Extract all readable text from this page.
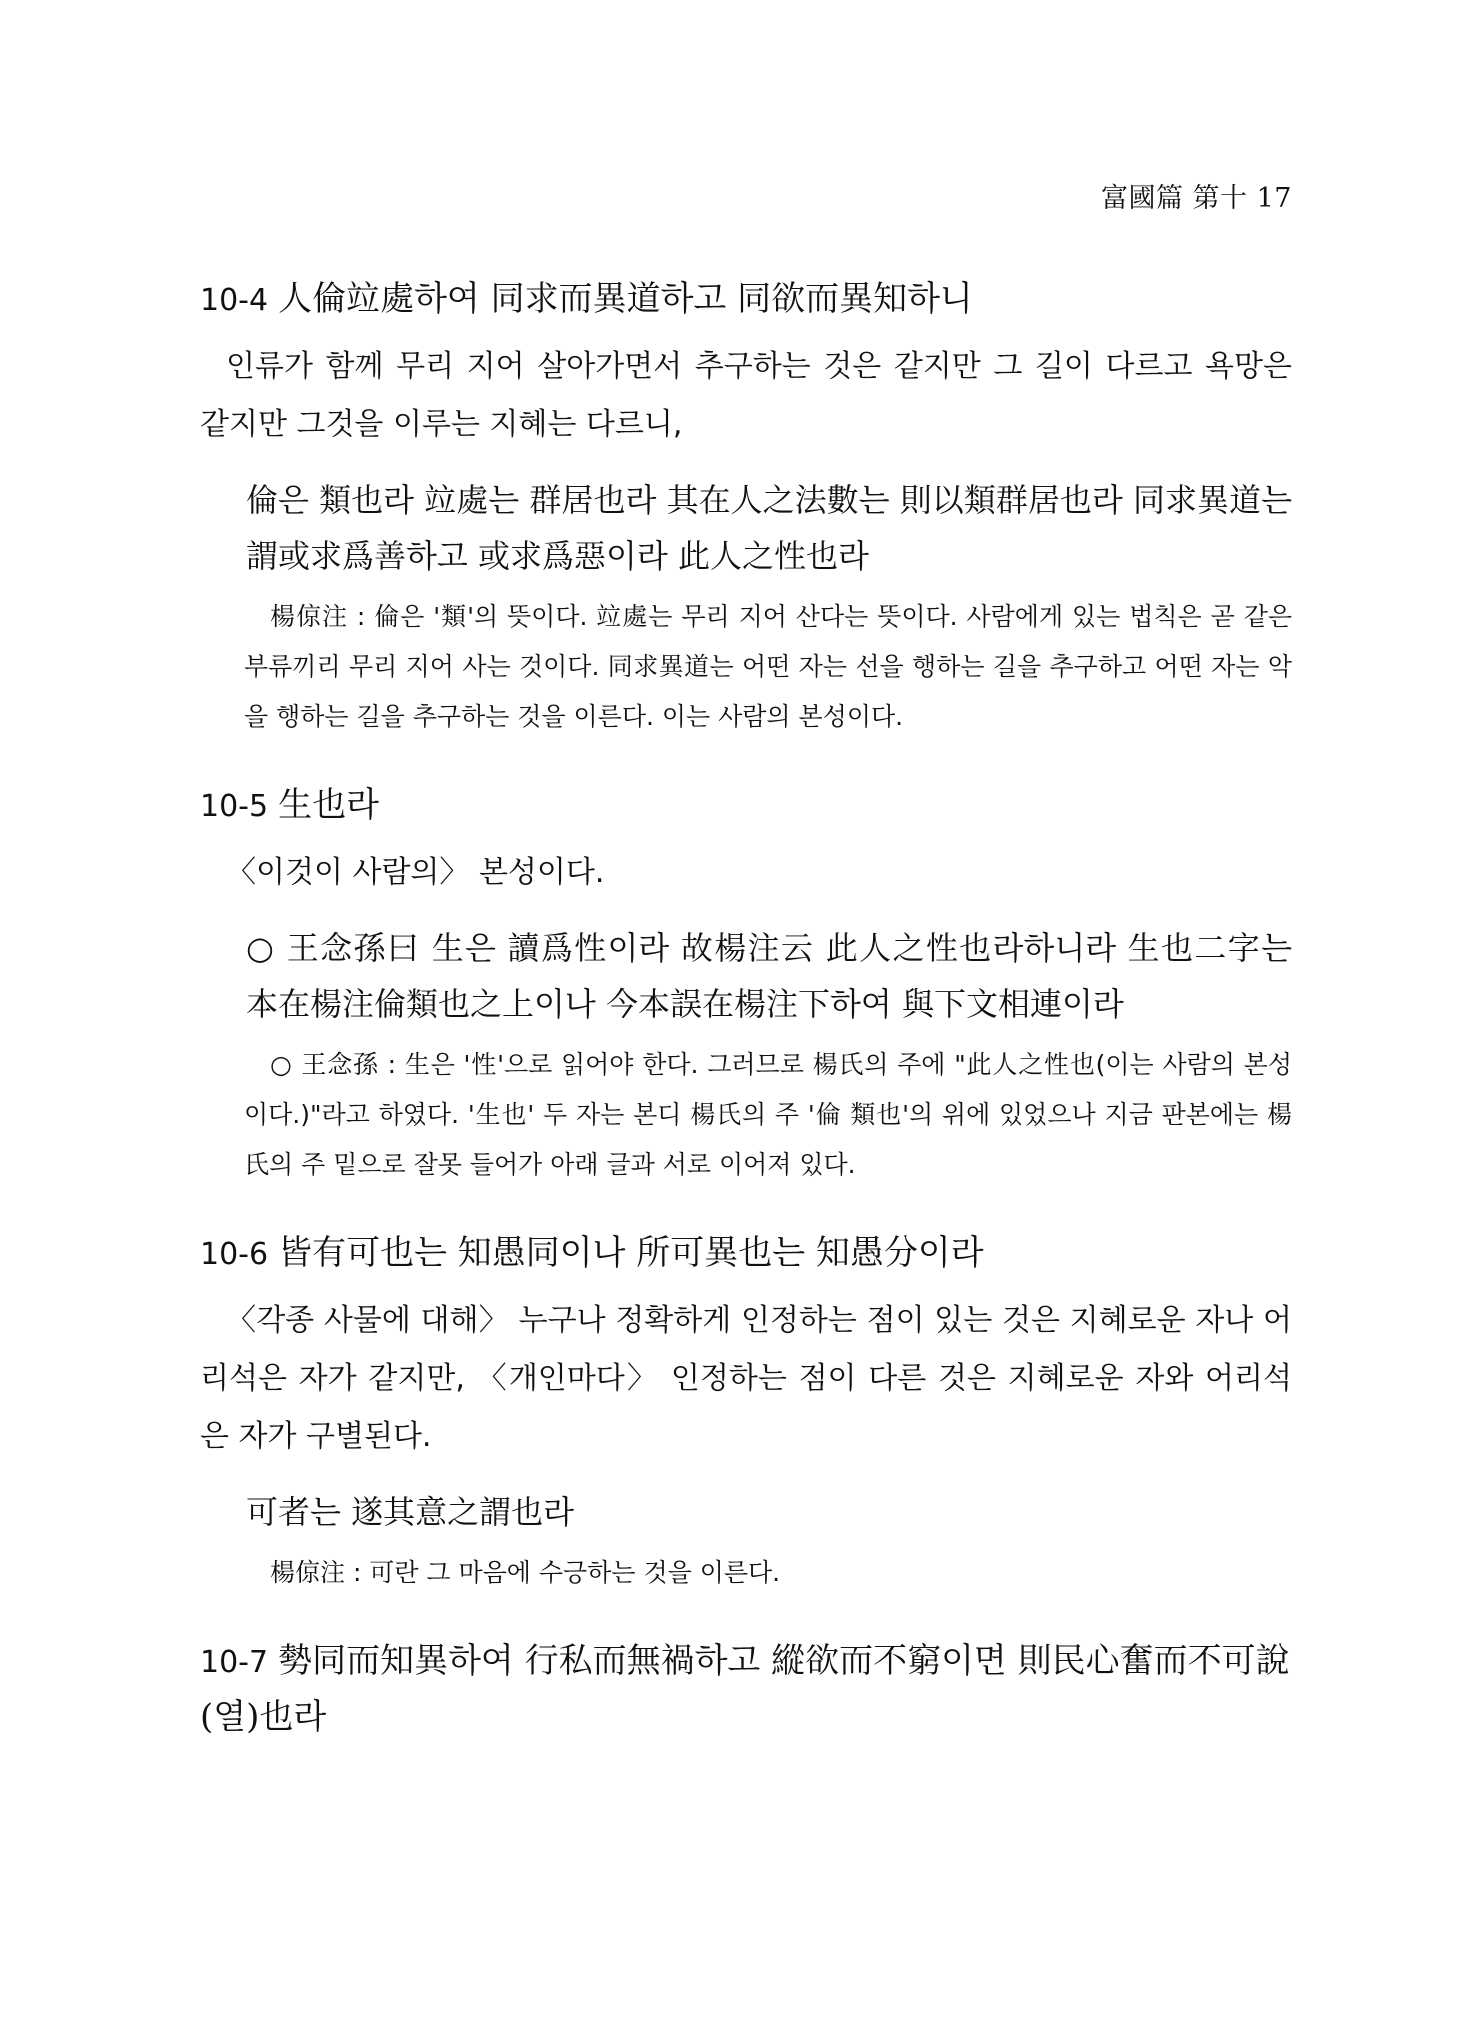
富國篇 第十 17
10-4 人倫竝處하여 同求而異道하고 同欲而異知하니

인류가 함께 무리 지어 살아가면서 추구하는 것은 같지만 그 길이 다르고 욕망은 같지만 그것을 이루는 지혜는 다르니,

倫은 類也라 竝處는 群居也라 其在人之法數는 則以類群居也라 同求異道는 謂或求爲善하고 或求爲惡이라 此人之性也라

楊倞注 : 倫은 '類'의 뜻이다. 竝處는 무리 지어 산다는 뜻이다. 사람에게 있는 법칙은 곧 같은 부류끼리 무리 지어 사는 것이다. 同求異道는 어떤 자는 선을 행하는 길을 추구하고 어떤 자는 악을 행하는 길을 추구하는 것을 이른다. 이는 사람의 본성이다.

10-5 生也라

〈이것이 사람의〉 본성이다.

○ 王念孫曰 生은 讀爲性이라 故楊注云 此人之性也라하니라 生也二字는 本在楊注倫類也之上이나 今本誤在楊注下하여 與下文相連이라

○ 王念孫 : 生은 '性'으로 읽어야 한다. 그러므로 楊氏의 주에 "此人之性也(이는 사람의 본성이다.)"라고 하였다. '生也' 두 자는 본디 楊氏의 주 '倫 類也'의 위에 있었으나 지금 판본에는 楊氏의 주 밑으로 잘못 들어가 아래 글과 서로 이어져 있다.

10-6 皆有可也는 知愚同이나 所可異也는 知愚分이라

〈각종 사물에 대해〉 누구나 정확하게 인정하는 점이 있는 것은 지혜로운 자나 어리석은 자가 같지만, 〈개인마다〉 인정하는 점이 다른 것은 지혜로운 자와 어리석은 자가 구별된다.

可者는 遂其意之謂也라

楊倞注 : 可란 그 마음에 수긍하는 것을 이른다.

10-7 勢同而知異하여 行私而無禍하고 縱欲而不窮이면 則民心奮而不可說(열)也라
